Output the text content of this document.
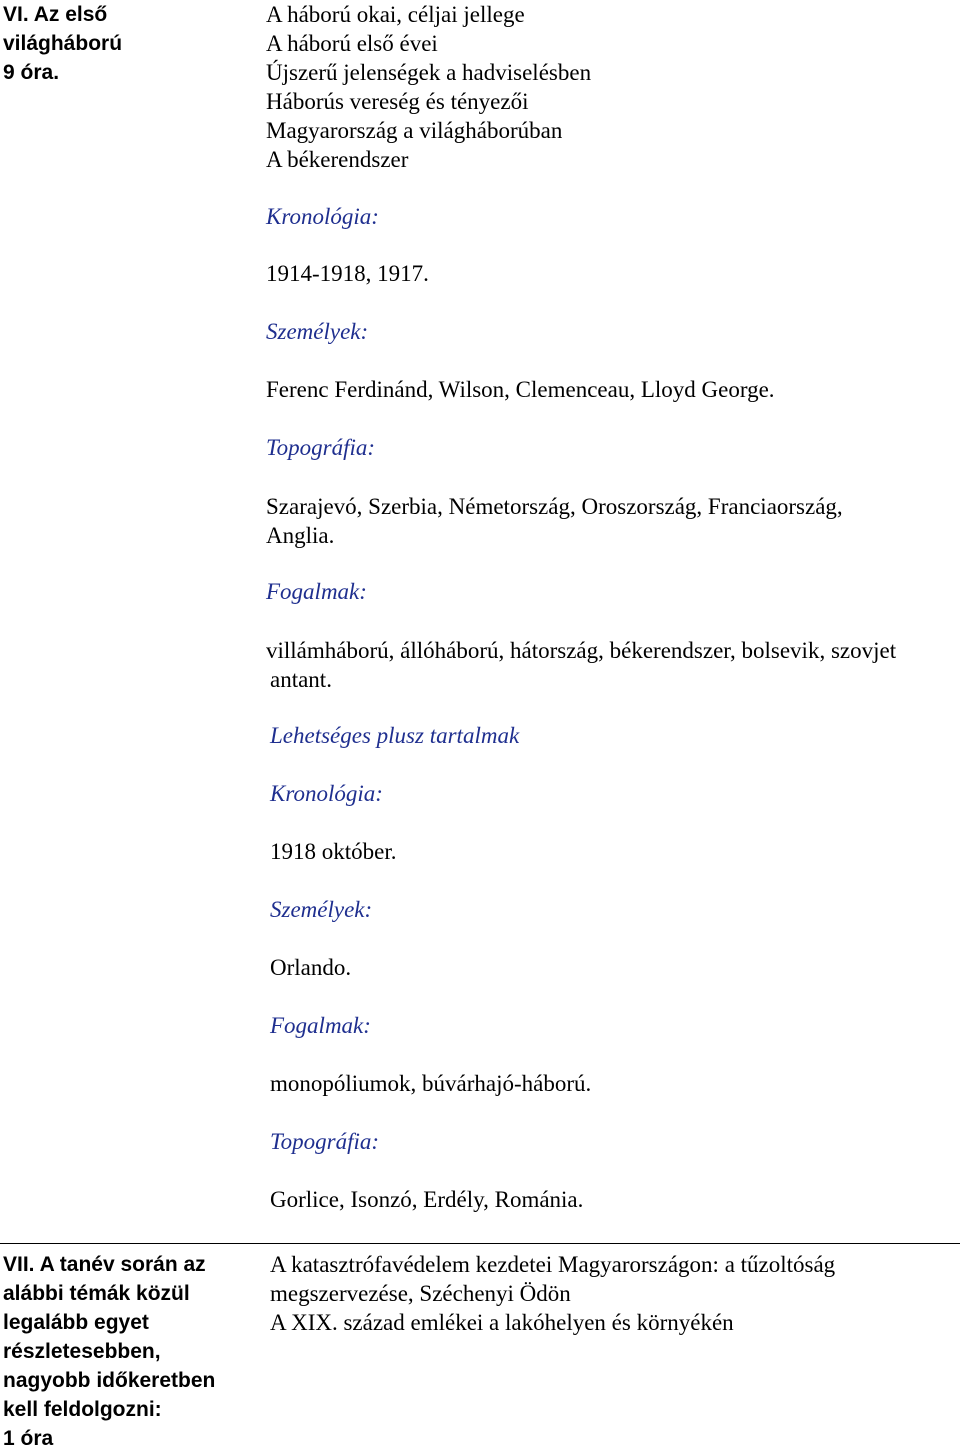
VI. Az első
világháború
9 óra.
A háború okai, céljai jellege
A háború első évei
Újszerű jelenségek a hadviselésben
Háborús vereség és tényezői
Magyarország a világháborúban
A békerendszer
Kronológia:
1914-1918, 1917.
Személyek:
Ferenc Ferdinánd, Wilson, Clemenceau, Lloyd George.
Topográfia:
Szarajevó, Szerbia, Németország, Oroszország, Franciaország,
Anglia.
Fogalmak:
villámháború, állóháború, hátország, békerendszer, bolsevik, szovjet
antant.
Lehetséges plusz tartalmak
Kronológia:
1918 október.
Személyek:
Orlando.
Fogalmak:
monopóliumok, búvárhajó-háború.
Topográfia:
Gorlice, Isonzó, Erdély, Románia.
VII. A tanév során az
alábbi témák közül
legalább egyet
részletesebben,
nagyobb időkeretben
kell feldolgozni:
1 óra
A katasztrófavédelem kezdetei Magyarországon: a tűzoltóság
megszervezése, Széchenyi Ödön
A XIX. század emlékei a lakóhelyen és környékén
